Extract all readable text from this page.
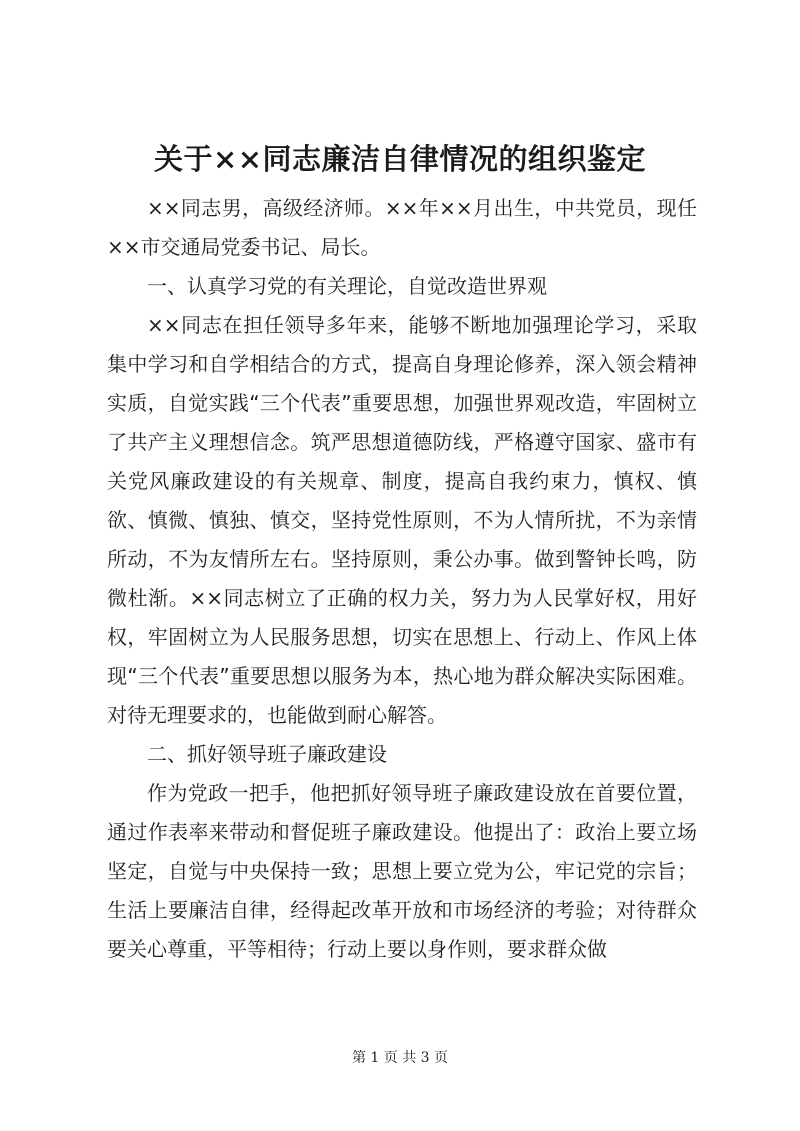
关于××同志廉洁自律情况的组织鉴定

××同志男，高级经济师。××年××月出生，中共党员，现任××市交通局党委书记、局长。

一、认真学习党的有关理论，自觉改造世界观

××同志在担任领导多年来，能够不断地加强理论学习，采取集中学习和自学相结合的方式，提高自身理论修养，深入领会精神实质，自觉实践“三个代表”重要思想，加强世界观改造，牢固树立了共产主义理想信念。筑严思想道德防线，严格遵守国家、盛市有关党风廉政建设的有关规章、制度，提高自我约束力，慎权、慎欲、慎微、慎独、慎交，坚持党性原则，不为人情所扰，不为亲情所动，不为友情所左右。坚持原则，秉公办事。做到警钟长鸣，防微杜渐。××同志树立了正确的权力关，努力为人民掌好权，用好权，牢固树立为人民服务思想，切实在思想上、行动上、作风上体现“三个代表”重要思想以服务为本，热心地为群众解决实际困难。对待无理要求的，也能做到耐心解答。

二、抓好领导班子廉政建设

作为党政一把手，他把抓好领导班子廉政建设放在首要位置，通过作表率来带动和督促班子廉政建设。他提出了：政治上要立场坚定，自觉与中央保持一致；思想上要立党为公，牢记党的宗旨；生活上要廉洁自律，经得起改革开放和市场经济的考验；对待群众要关心尊重，平等相待；行动上要以身作则，要求群众做

第 1 页 共 3 页
